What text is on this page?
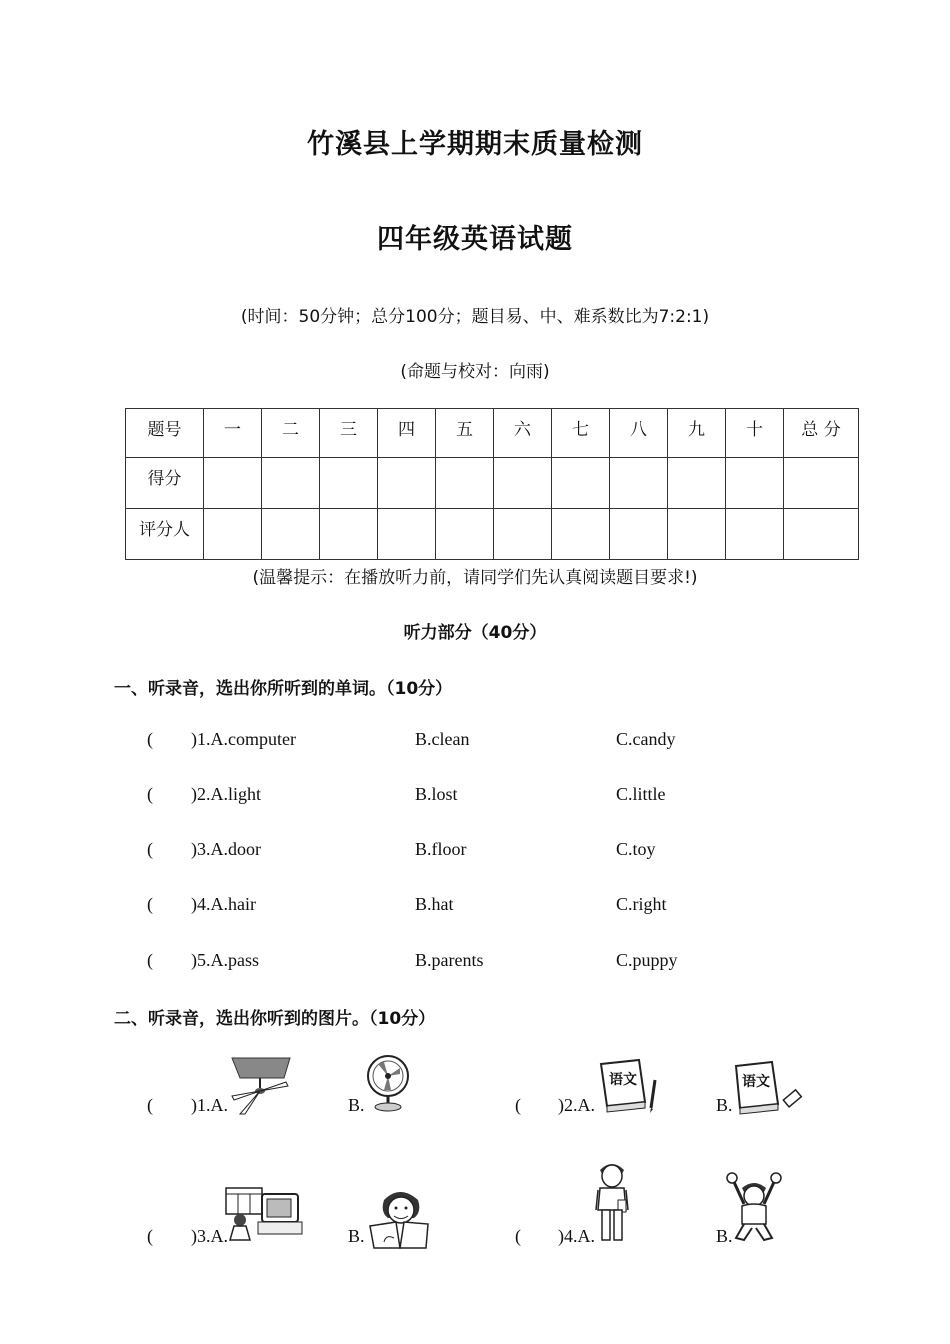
竹溪县上学期期末质量检测
四年级英语试题
(时间：50分钟；总分100分；题目易、中、难系数比为7:2:1)
(命题与校对：向雨)
题号	一	二	三	四	五	六	七	八	九	十	总 分
得分											
评分人											
(温馨提示：在播放听力前，请同学们先认真阅读题目要求!)
听力部分（40分）
一、听录音，选出你所听到的单词。（10分）
( )1.A.computer	B.clean	C.candy
( )2.A.light	B.lost	C.little
( )3.A.door	B.floor	C.toy
( )4.A.hair	B.hat	C.right
( )5.A.pass	B.parents	C.puppy
二、听录音，选出你听到的图片。（10分）
( )1.A.	B.	( )2.A.
语文
B.
语文
( )3.A.	B.	( )4.A.	B.
